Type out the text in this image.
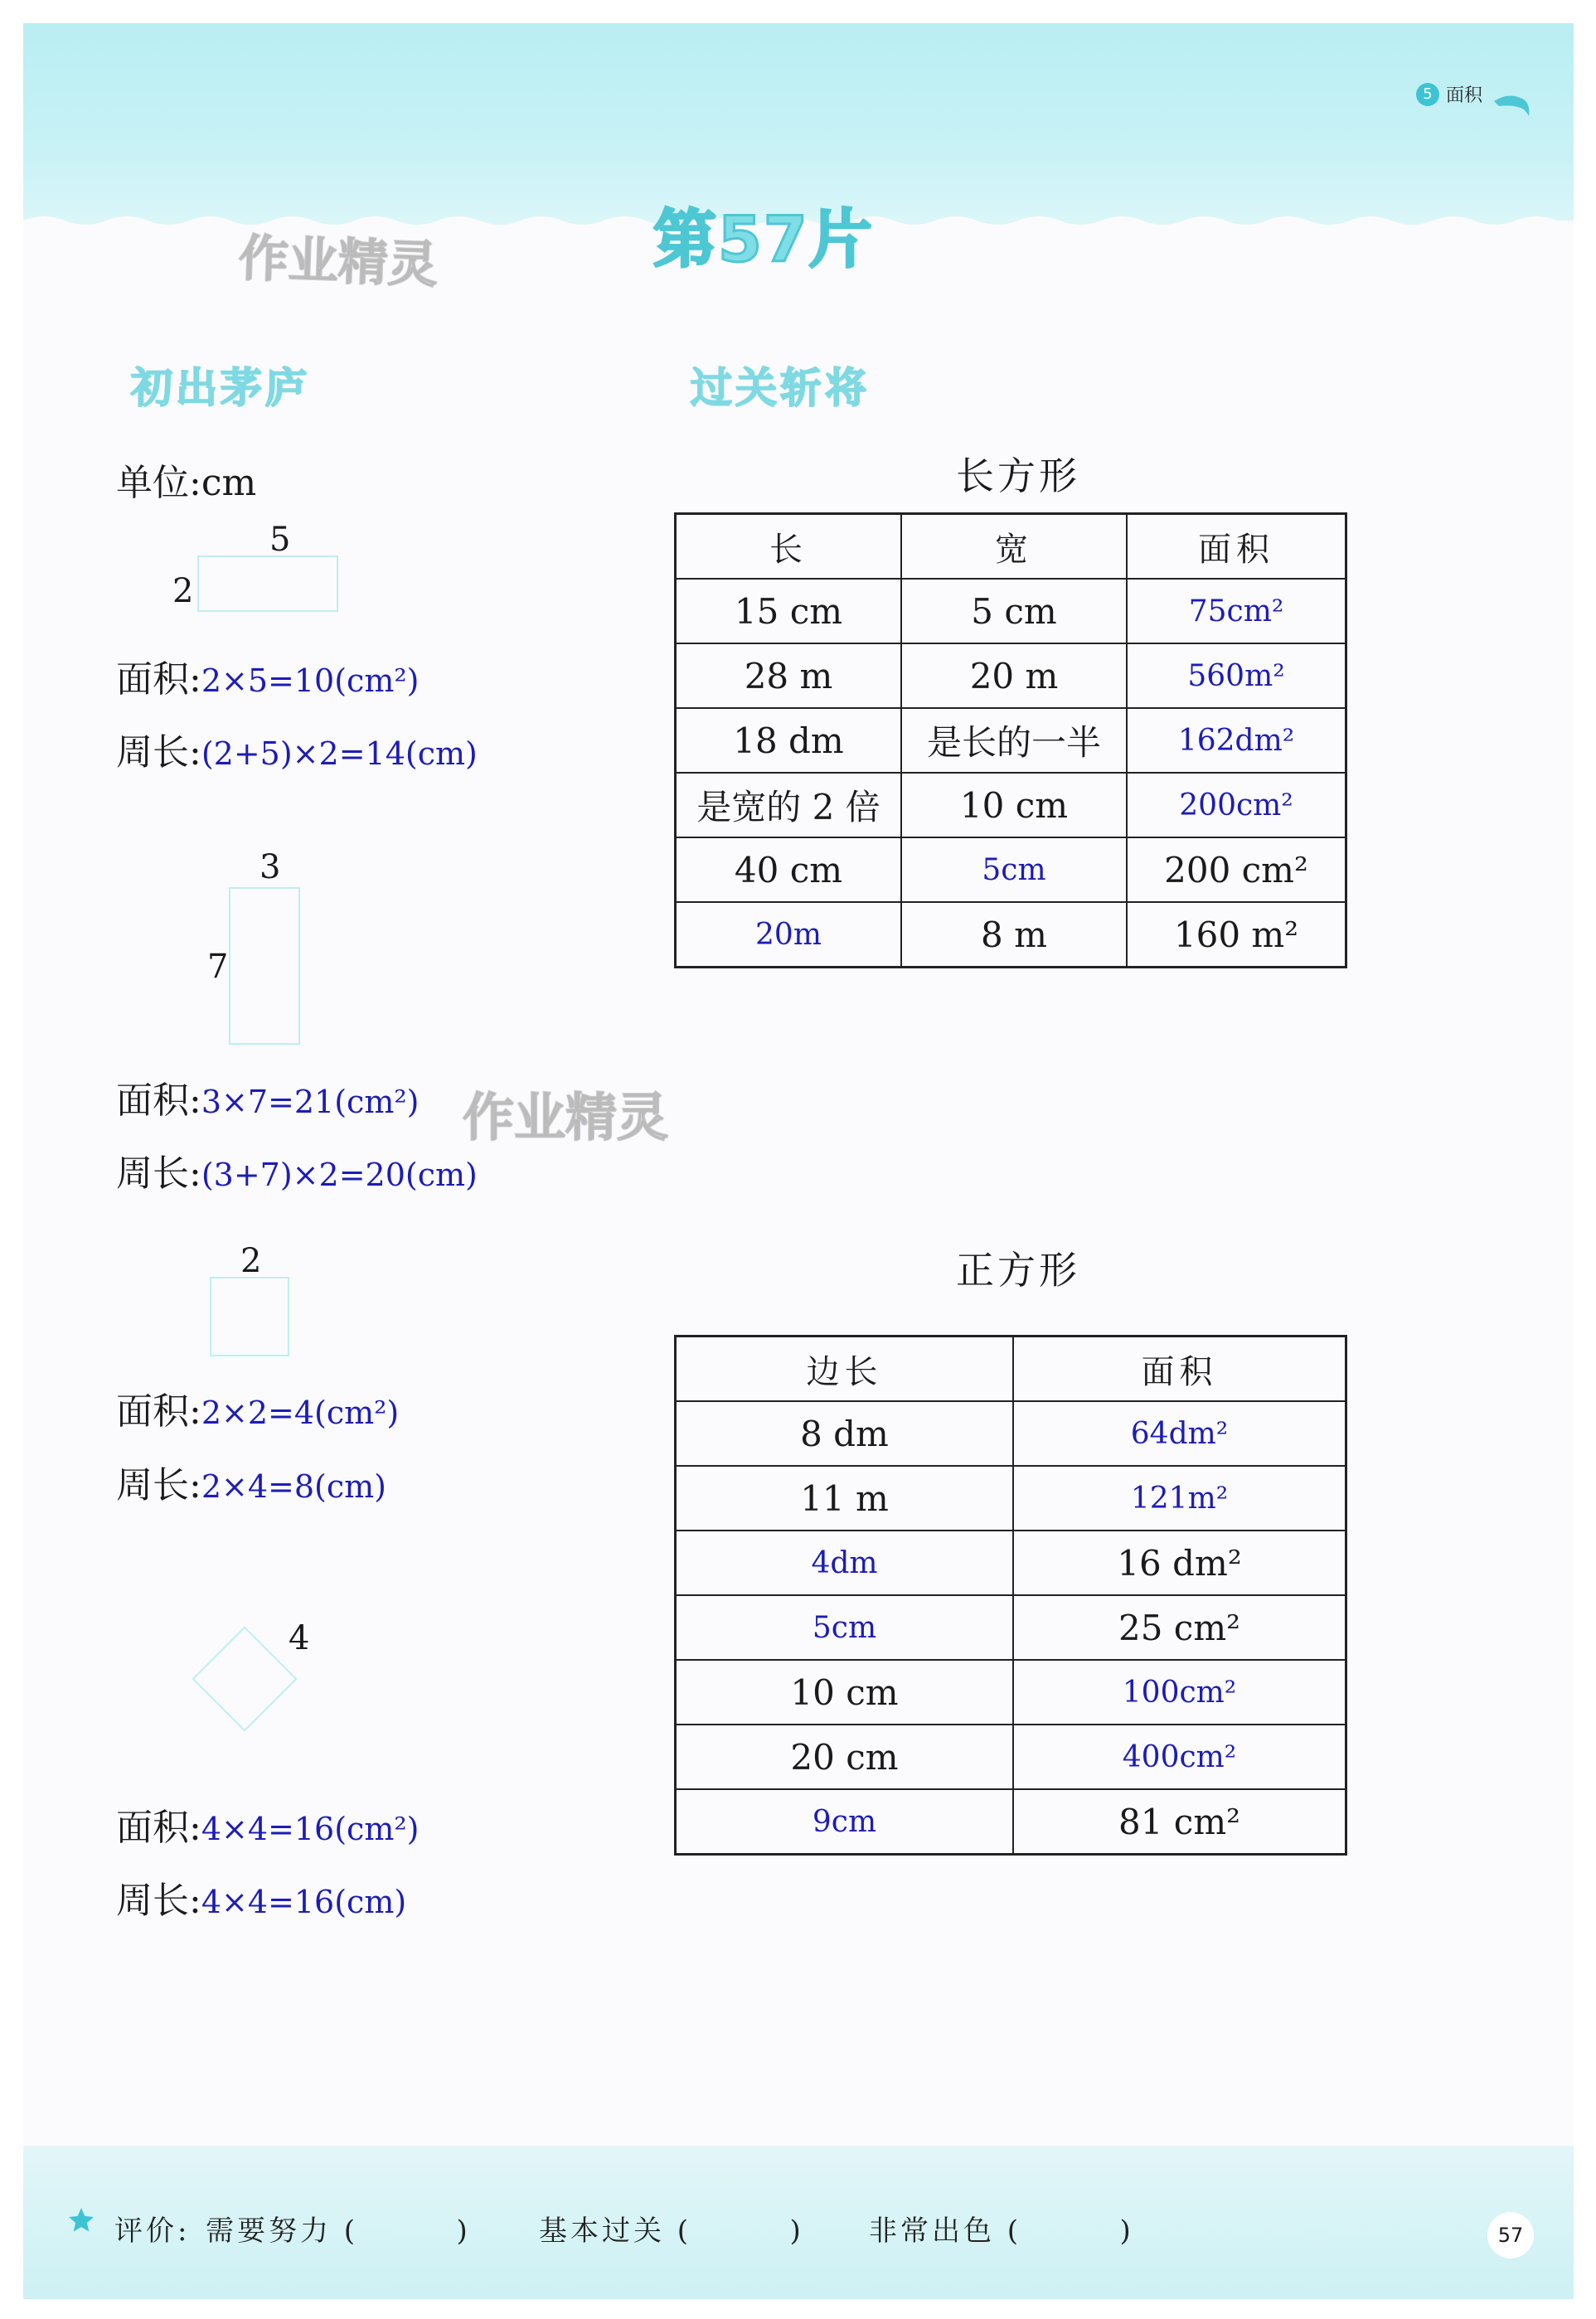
5 面积
第57片
作业精灵
作业精灵
初出茅庐
单位:cm
5
2
面积:2×5=10(cm²)
周长:(2+5)×2=14(cm)
3
7
面积:3×7=21(cm²)
周长:(3+7)×2=20(cm)
2
面积:2×2=4(cm²)
周长:2×4=8(cm)
4
面积:4×4=16(cm²)
周长:4×4=16(cm)
过关斩将
长方形
长	宽	面积
15 cm	5 cm	75cm²
28 m	20 m	560m²
18 dm	是长的一半	162dm²
是宽的 2 倍	10 cm	200cm²
40 cm	5cm	200 cm²
20m	8 m	160 m²
正方形
边长	面积
8 dm	64dm²
11 m	121m²
4dm	16 dm²
5cm	25 cm²
10 cm	100cm²
20 cm	400cm²
9cm	81 cm²
评价: 需要努力 (        ) 基本过关 (        ) 非常出色 (        )	57
